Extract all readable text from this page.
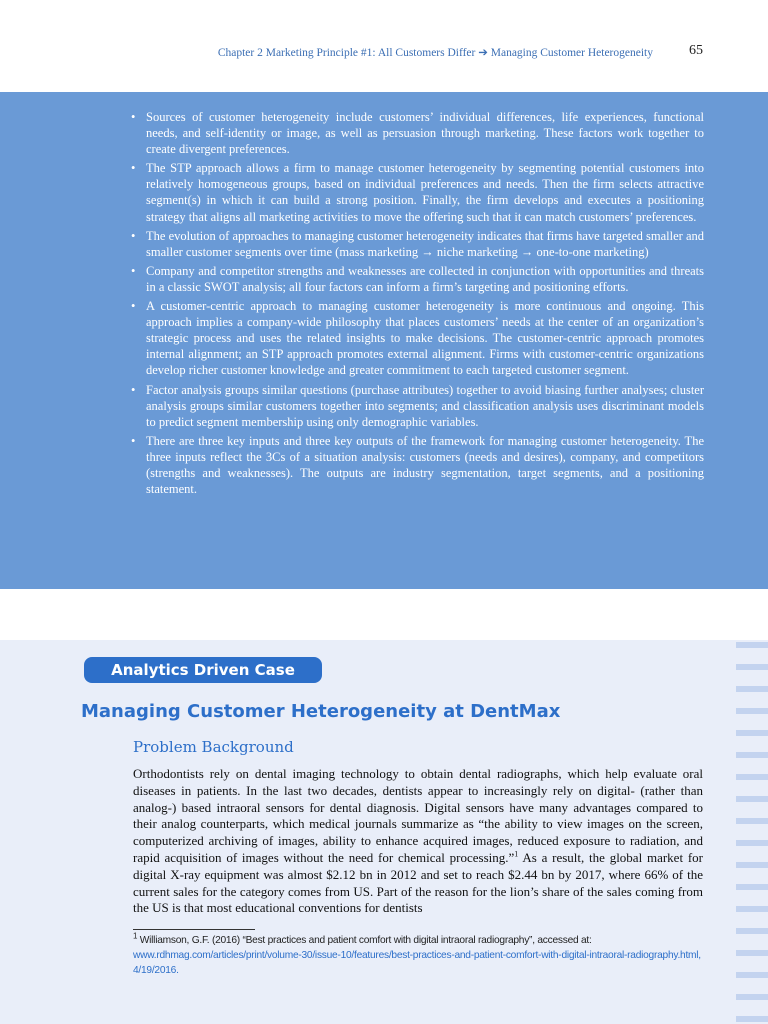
Chapter 2 Marketing Principle #1: All Customers Differ ➔ Managing Customer Heterogeneity	65
• Sources of customer heterogeneity include customers’ individual differences, life experiences, functional needs, and self-identity or image, as well as persuasion through marketing. These factors work together to create divergent preferences.
• The STP approach allows a firm to manage customer heterogeneity by segmenting potential customers into relatively homogeneous groups, based on individual preferences and needs. Then the firm selects attractive segment(s) in which it can build a strong position. Finally, the firm develops and executes a positioning strategy that aligns all marketing activities to move the offering such that it can match customers’ preferences.
• The evolution of approaches to managing customer heterogeneity indicates that firms have targeted smaller and smaller customer segments over time (mass marketing → niche marketing → one-to-one marketing)
• Company and competitor strengths and weaknesses are collected in conjunction with opportunities and threats in a classic SWOT analysis; all four factors can inform a firm’s targeting and positioning efforts.
• A customer-centric approach to managing customer heterogeneity is more continuous and ongoing. This approach implies a company-wide philosophy that places customers’ needs at the center of an organization’s strategic process and uses the related insights to make decisions. The customer-centric approach promotes internal alignment; an STP approach promotes external alignment. Firms with customer-centric organizations develop richer customer knowledge and greater commitment to each targeted customer segment.
• Factor analysis groups similar questions (purchase attributes) together to avoid biasing further analyses; cluster analysis groups similar customers together into segments; and classification analysis uses discriminant models to predict segment membership using only demographic variables.
• There are three key inputs and three key outputs of the framework for managing customer heterogeneity. The three inputs reflect the 3Cs of a situation analysis: customers (needs and desires), company, and competitors (strengths and weaknesses). The outputs are industry segmentation, target segments, and a positioning statement.
Analytics Driven Case
Managing Customer Heterogeneity at DentMax
Problem Background

Orthodontists rely on dental imaging technology to obtain dental radiographs, which help evaluate oral diseases in patients. In the last two decades, dentists appear to increasingly rely on digital- (rather than analog-) based intraoral sensors for dental diagnosis. Digital sensors have many advantages compared to their analog counterparts, which medical journals summarize as “the ability to view images on the screen, computerized archiving of images, ability to enhance acquired images, reduced exposure to radiation, and rapid acquisition of images without the need for chemical processing.”$^1$ As a result, the global market for digital X-ray equipment was almost $2.12 bn in 2012 and set to reach $2.44 bn by 2017, where 66% of the current sales for the category comes from US. Part of the reason for the lion’s share of the sales coming from the US is that most educational conventions for dentists

$^1$ Williamson, G.F. (2016) “Best practices and patient comfort with digital intraoral radiography”, accessed at: www.rdhmag.com/articles/print/volume-30/issue-10/features/best-practices-and-patient-comfort-with-digital-intraoral-radiography.html, 4/19/2016.
